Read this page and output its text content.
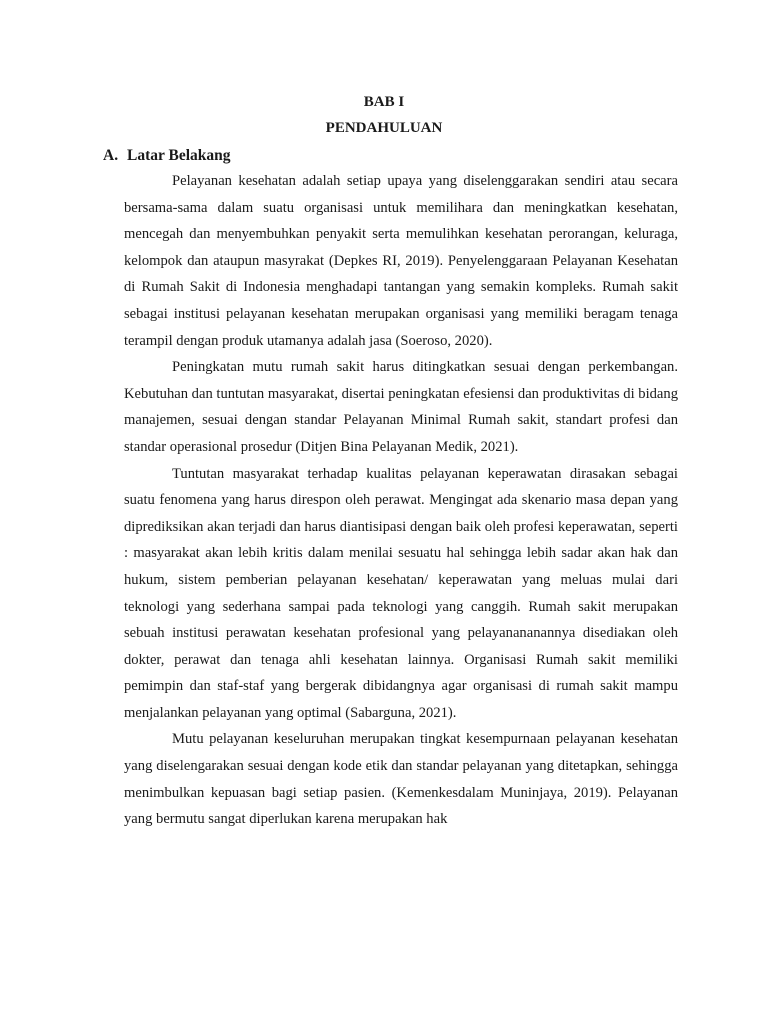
BAB I
PENDAHULUAN
A. Latar Belakang

Pelayanan kesehatan adalah setiap upaya yang diselenggarakan sendiri atau secara bersama-sama dalam suatu organisasi untuk memilihara dan meningkatkan kesehatan, mencegah dan menyembuhkan penyakit serta memulihkan kesehatan perorangan, keluraga, kelompok dan ataupun masyrakat (Depkes RI, 2019). Penyelenggaraan Pelayanan Kesehatan di Rumah Sakit di Indonesia menghadapi tantangan yang semakin kompleks. Rumah sakit sebagai institusi pelayanan kesehatan merupakan organisasi yang memiliki beragam tenaga terampil dengan produk utamanya adalah jasa (Soeroso, 2020).

Peningkatan mutu rumah sakit harus ditingkatkan sesuai dengan perkembangan. Kebutuhan dan tuntutan masyarakat, disertai peningkatan efesiensi dan produktivitas di bidang manajemen, sesuai dengan standar Pelayanan Minimal Rumah sakit, standart profesi dan standar operasional prosedur (Ditjen Bina Pelayanan Medik, 2021).

Tuntutan masyarakat terhadap kualitas pelayanan keperawatan dirasakan sebagai suatu fenomena yang harus direspon oleh perawat. Mengingat ada skenario masa depan yang diprediksikan akan terjadi dan harus diantisipasi dengan baik oleh profesi keperawatan, seperti : masyarakat akan lebih kritis dalam menilai sesuatu hal sehingga lebih sadar akan hak dan hukum, sistem pemberian pelayanan kesehatan/ keperawatan yang meluas mulai dari teknologi yang sederhana sampai pada teknologi yang canggih. Rumah sakit merupakan sebuah institusi perawatan kesehatan profesional yang pelayanananannya disediakan oleh dokter, perawat dan tenaga ahli kesehatan lainnya. Organisasi Rumah sakit memiliki pemimpin dan staf-staf yang bergerak dibidangnya agar organisasi di rumah sakit mampu menjalankan pelayanan yang optimal (Sabarguna, 2021).

Mutu pelayanan keseluruhan merupakan tingkat kesempurnaan pelayanan kesehatan yang diselengarakan sesuai dengan kode etik dan standar pelayanan yang ditetapkan, sehingga menimbulkan kepuasan bagi setiap pasien. (Kemenkesdalam Muninjaya, 2019). Pelayanan yang bermutu sangat diperlukan karena merupakan hak
